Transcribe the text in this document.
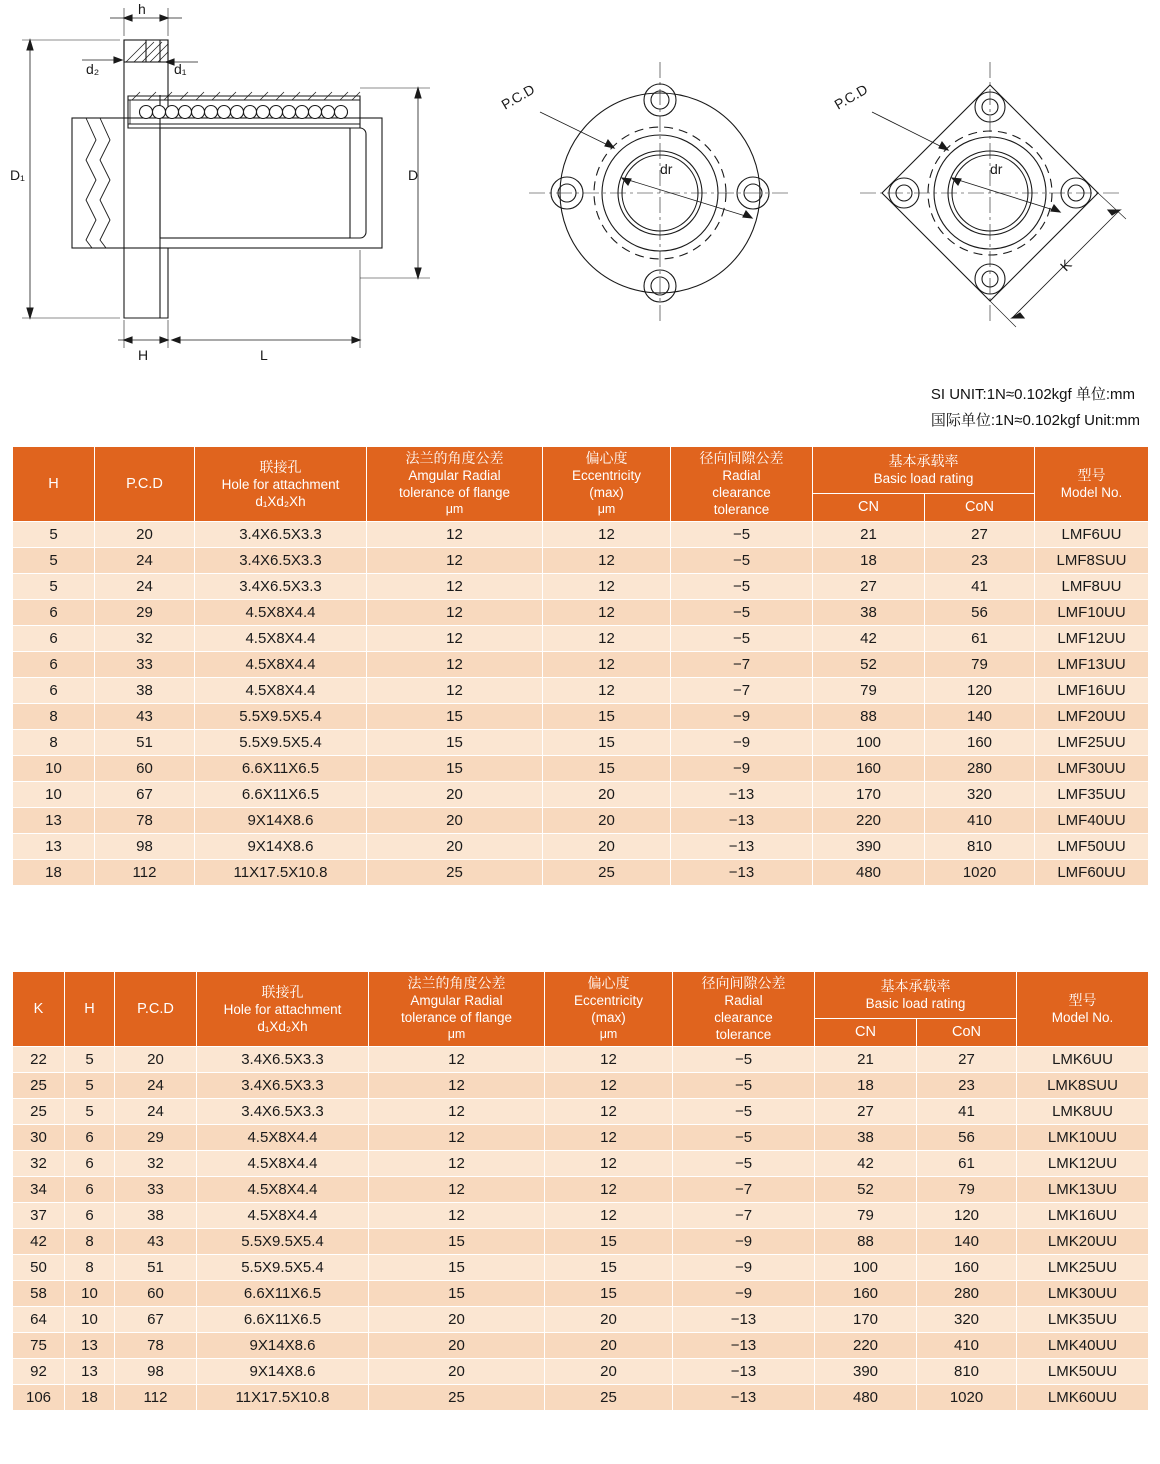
h
d₂	d₁
D₁	D
H	L
P.C.D
dr
P.C.D
dr
K
SI UNIT:1N≈0.102kgf 单位:mm
国际单位:1N≈0.102kgf Unit:mm
H	P.C.D	联接孔
Hole for attachment
d₁Xd₂Xh	法兰的角度公差
Amgular Radial
tolerance of flange
μm	偏心度
Eccentricity
(max)
μm	径向间隙公差
Radial
clearance
tolerance	基本承载率
Basic load rating		型号
Model No.

						CN	CoN	
5	20	3.4X6.5X3.3	12	12	−5	21	27	LMF6UU
5	24	3.4X6.5X3.3	12	12	−5	18	23	LMF8SUU
5	24	3.4X6.5X3.3	12	12	−5	27	41	LMF8UU
6	29	4.5X8X4.4	12	12	−5	38	56	LMF10UU
6	32	4.5X8X4.4	12	12	−5	42	61	LMF12UU
6	33	4.5X8X4.4	12	12	−7	52	79	LMF13UU
6	38	4.5X8X4.4	12	12	−7	79	120	LMF16UU
8	43	5.5X9.5X5.4	15	15	−9	88	140	LMF20UU
8	51	5.5X9.5X5.4	15	15	−9	100	160	LMF25UU
10	60	6.6X11X6.5	15	15	−9	160	280	LMF30UU
10	67	6.6X11X6.5	20	20	−13	170	320	LMF35UU
13	78	9X14X8.6	20	20	−13	220	410	LMF40UU
13	98	9X14X8.6	20	20	−13	390	810	LMF50UU
18	112	11X17.5X10.8	25	25	−13	480	1020	LMF60UU
K	H	P.C.D	联接孔
Hole for attachment
d₁Xd₂Xh	法兰的角度公差
Amgular Radial
tolerance of flange
μm	偏心度
Eccentricity
(max)
μm	径向间隙公差
Radial
clearance
tolerance	基本承载率
Basic load rating		型号
Model No.

							CN	CoN	
22	5	20	3.4X6.5X3.3	12	12	−5	21	27	LMK6UU
25	5	24	3.4X6.5X3.3	12	12	−5	18	23	LMK8SUU
25	5	24	3.4X6.5X3.3	12	12	−5	27	41	LMK8UU
30	6	29	4.5X8X4.4	12	12	−5	38	56	LMK10UU
32	6	32	4.5X8X4.4	12	12	−5	42	61	LMK12UU
34	6	33	4.5X8X4.4	12	12	−7	52	79	LMK13UU
37	6	38	4.5X8X4.4	12	12	−7	79	120	LMK16UU
42	8	43	5.5X9.5X5.4	15	15	−9	88	140	LMK20UU
50	8	51	5.5X9.5X5.4	15	15	−9	100	160	LMK25UU
58	10	60	6.6X11X6.5	15	15	−9	160	280	LMK30UU
64	10	67	6.6X11X6.5	20	20	−13	170	320	LMK35UU
75	13	78	9X14X8.6	20	20	−13	220	410	LMK40UU
92	13	98	9X14X8.6	20	20	−13	390	810	LMK50UU
106	18	112	11X17.5X10.8	25	25	−13	480	1020	LMK60UU
